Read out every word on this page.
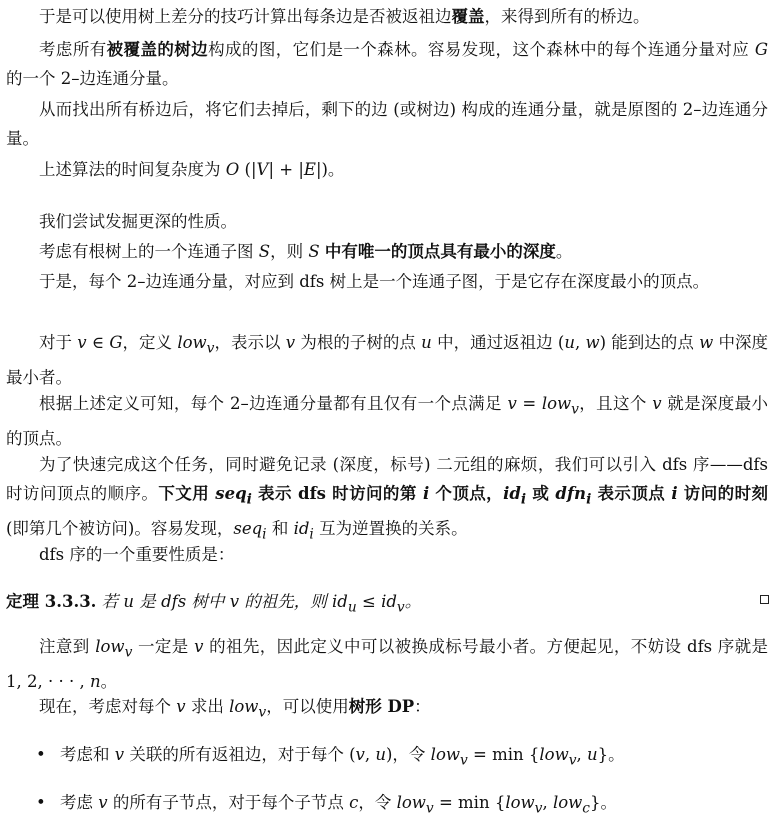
于是可以使用树上差分的技巧计算出每条边是否被返祖边覆盖，来得到所有的桥边。

考虑所有被覆盖的树边构成的图，它们是一个森林。容易发现，这个森林中的每个连通分量对应 G 的一个 2–边连通分量。

从而找出所有桥边后，将它们去掉后，剩下的边 (或树边) 构成的连通分量，就是原图的 2–边连通分量。

上述算法的时间复杂度为 O (|V| + |E|)。

我们尝试发掘更深的性质。

考虑有根树上的一个连通子图 S，则 S 中有唯一的顶点具有最小的深度。

于是，每个 2–边连通分量，对应到 dfs 树上是一个连通子图，于是它存在深度最小的顶点。

对于 v ∈ G，定义 low$_v$，表示以 v 为根的子树的点 u 中，通过返祖边 (u, w) 能到达的点 w 中深度最小者。

根据上述定义可知，每个 2–边连通分量都有且仅有一个点满足 v = low$_v$，且这个 v 就是深度最小的顶点。

为了快速完成这个任务，同时避免记录 (深度，标号) 二元组的麻烦，我们可以引入 dfs 序——dfs 时访问顶点的顺序。下文用 seq$_i$ 表示 dfs 时访问的第 i 个顶点，$id_i$ 或 dfn$_i$ 表示顶点 i 访问的时刻 (即第几个被访问)。容易发现，seq$_i$ 和 $id_i$ 互为逆置换的关系。

dfs 序的一个重要性质是：

定理 3.3.3. 若 u 是 dfs 树中 v 的祖先，则 $id_u \le id_v$。

注意到 low$_v$ 一定是 v 的祖先，因此定义中可以被换成标号最小者。方便起见，不妨设 dfs 序就是 1, 2, · · · , n。

现在，考虑对每个 v 求出 low$_v$，可以使用树形 DP：

• 考虑和 v 关联的所有返祖边，对于每个 (v, u)，令 low$_v$ = min {low$_v$, u}。
• 考虑 v 的所有子节点，对于每个子节点 c，令 low$_v$ = min {low$_v$, low$_c$}。
